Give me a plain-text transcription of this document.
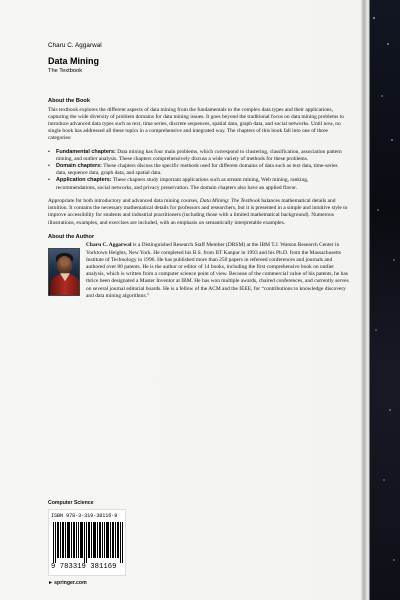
Charu C. Aggarwal
Data Mining
The Textbook
About the Book

This textbook explores the different aspects of data mining from the fundamentals to the complex data types and their applications, capturing the wide diversity of problem domains for data mining issues. It goes beyond the traditional focus on data mining problems to introduce advanced data types such as text, time series, discrete sequences, spatial data, graph data, and social networks. Until now, no single book has addressed all these topics in a comprehensive and integrated way. The chapters of this book fall into one of three categories:

• Fundamental chapters: Data mining has four main problems, which correspond to clustering, classification, association pattern mining, and outlier analysis. These chapters comprehensively discuss a wide variety of methods for these problems.
• Domain chapters: These chapters discuss the specific methods used for different domains of data such as text data, time-series data, sequence data, graph data, and spatial data.
• Application chapters: These chapters study important applications such as stream mining, Web mining, ranking, recommendations, social networks, and privacy preservation. The domain chapters also have an applied flavor.

Appropriate for both introductory and advanced data mining courses, Data Mining: The Textbook balances mathematical details and intuition. It contains the necessary mathematical details for professors and researchers, but it is presented in a simple and intuitive style to improve accessibility for students and industrial practitioners (including those with a limited mathematical background). Numerous illustrations, examples, and exercises are included, with an emphasis on semantically interpretable examples.

About the Author

Charu C. Aggarwal is a Distinguished Research Staff Member (DRSM) at the IBM T.J. Watson Research Center in Yorktown Heights, New York. He completed his B.S. from IIT Kanpur in 1993 and his Ph.D. from the Massachusetts Institute of Technology in 1996. He has published more than 250 papers in refereed conferences and journals and authored over 80 patents. He is the author or editor of 14 books, including the first comprehensive book on outlier analysis, which is written from a computer science point of view. Because of the commercial value of his patents, he has thrice been designated a Master Inventor at IBM. He has won multiple awards, chaired conferences, and currently serves on several journal editorial boards. He is a fellow of the ACM and the IEEE, for “contributions to knowledge discovery and data mining algorithms.”

Computer Science
ISBN 978-3-319-38116-9
9 783319 381169
►springer.com
